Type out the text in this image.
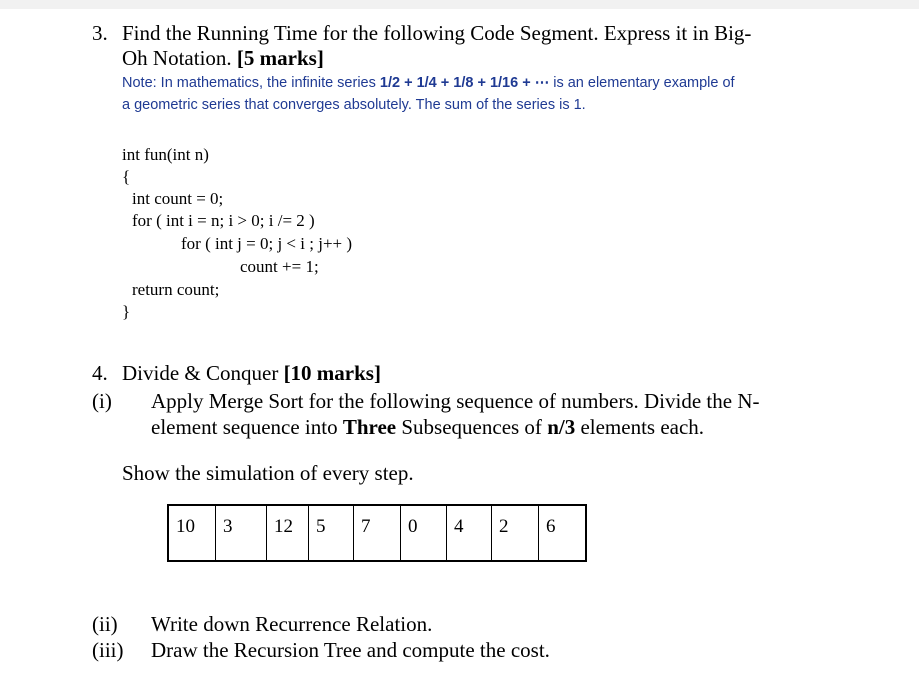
3. Find the Running Time for the following Code Segment. Express it in Big-
Oh Notation. [5 marks]
Note: In mathematics, the infinite series 1/2 + 1/4 + 1/8 + 1/16 + ⋯ is an elementary example of
a geometric series that converges absolutely. The sum of the series is 1.
int fun(int n)
{
int count = 0;
for ( int i = n; i > 0; i /= 2 )
for ( int j = 0; j < i ; j++ )
count += 1;
return count;
}
4. Divide & Conquer [10 marks]
(i) Apply Merge Sort for the following sequence of numbers. Divide the N-
element sequence into Three Subsequences of n/3 elements each.
Show the simulation of every step.
10	3	12	5	7	0	4	2	6
(ii) Write down Recurrence Relation.
(iii) Draw the Recursion Tree and compute the cost.
